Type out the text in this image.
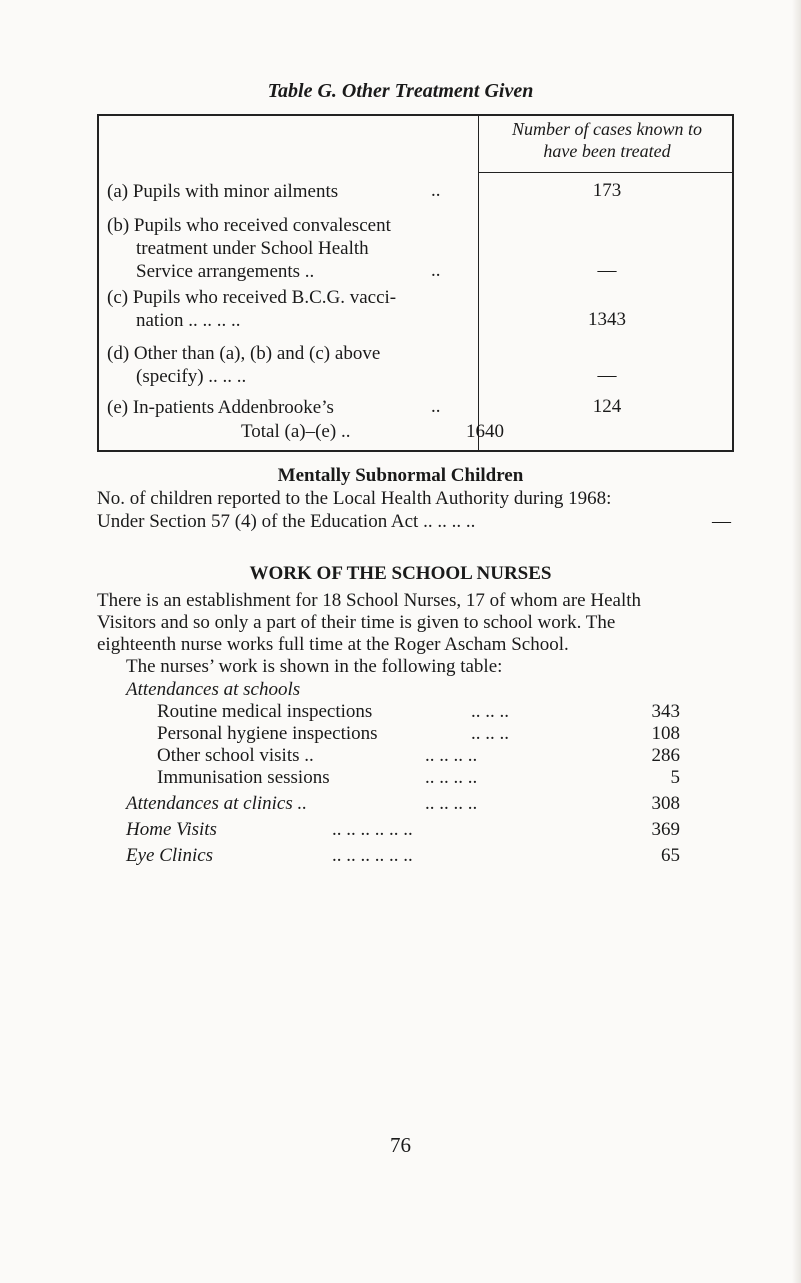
Table G. Other Treatment Given
Number of cases known to
have been treated
(a) Pupils with minor ailments	..	173
(b) Pupils who received convalescent
treatment under School Health
Service arrangements ..	..	—
(c) Pupils who received B.C.G. vacci-
nation .. .. .. ..	1343
(d) Other than (a), (b) and (c) above
(specify) .. .. ..	—
(e) In-patients Addenbrooke’s	..	124
Total (a)–(e) ..	1640
Mentally Subnormal Children
No. of children reported to the Local Health Authority during 1968:
Under Section 57 (4) of the Education Act .. .. .. ..	—
WORK OF THE SCHOOL NURSES
There is an establishment for 18 School Nurses, 17 of whom are Health
Visitors and so only a part of their time is given to school work. The
eighteenth nurse works full time at the Roger Ascham School.
The nurses’ work is shown in the following table:
Attendances at schools
Routine medical inspections	.. .. ..	343
Personal hygiene inspections	.. .. ..	108
Other school visits ..	.. .. .. ..	286
Immunisation sessions	.. .. .. ..	5
Attendances at clinics ..	.. .. .. ..	308
Home Visits	.. .. .. .. .. ..	369
Eye Clinics	.. .. .. .. .. ..	65
76
